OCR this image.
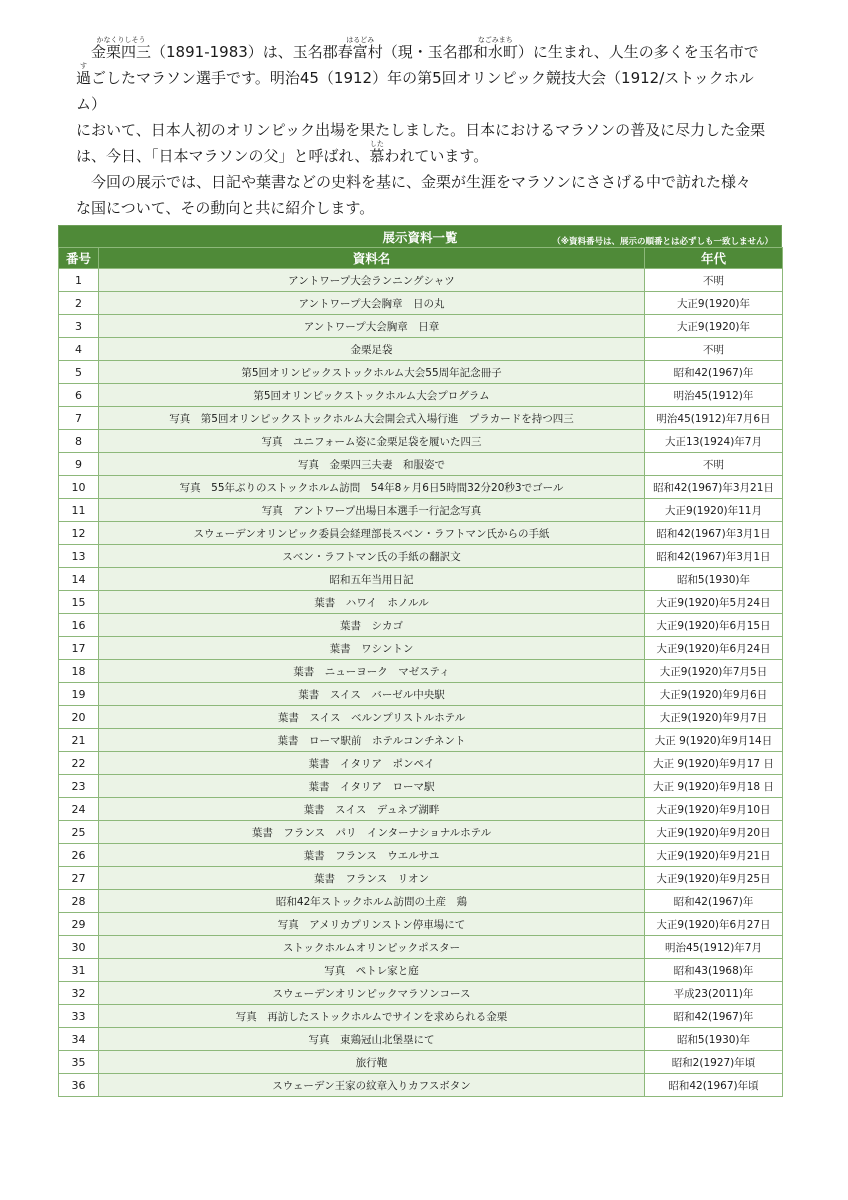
金栗四三かなくりしそう（1891-1983）は、玉名郡春富村はるどみ（現・玉名郡和水町なごみまち）に生まれ、人生の多くを玉名市で
過すごしたマラソン選手です。明治45（1912）年の第5回オリンピック競技大会（1912/ストックホルム）
において、日本人初のオリンピック出場を果たしました。日本におけるマラソンの普及に尽力した金栗
は、今日、「日本マラソンの父」と呼ばれ、慕したわれています。

今回の展示では、日記や葉書などの史料を基に、金栗が生涯をマラソンにささげる中で訪れた様々
な国について、その動向と共に紹介します。

展示資料一覧	（※資料番号は、展示の順番とは必ずしも一致しません）
番号	資料名	年代
1	アントワープ大会ランニングシャツ	不明
2	アントワープ大会胸章　日の丸	大正9(1920)年
3	アントワープ大会胸章　日章	大正9(1920)年
4	金栗足袋	不明
5	第5回オリンピックストックホルム大会55周年記念冊子	昭和42(1967)年
6	第5回オリンピックストックホルム大会プログラム	明治45(1912)年
7	写真　第5回オリンピックストックホルム大会開会式入場行進　プラカードを持つ四三	明治45(1912)年7月6日
8	写真　ユニフォーム姿に金栗足袋を履いた四三	大正13(1924)年7月
9	写真　金栗四三夫妻　和服姿で	不明
10	写真　55年ぶりのストックホルム訪問　54年8ヶ月6日5時間32分20秒3でゴール	昭和42(1967)年3月21日
11	写真　アントワープ出場日本選手一行記念写真	大正9(1920)年11月
12	スウェーデンオリンピック委員会経理部長スベン・ラフトマン氏からの手紙	昭和42(1967)年3月1日
13	スベン・ラフトマン氏の手紙の翻訳文	昭和42(1967)年3月1日
14	昭和五年当用日記	昭和5(1930)年
15	葉書　ハワイ　ホノルル	大正9(1920)年5月24日
16	葉書　シカゴ	大正9(1920)年6月15日
17	葉書　ワシントン	大正9(1920)年6月24日
18	葉書　ニューヨーク　マゼスティ	大正9(1920)年7月5日
19	葉書　スイス　バーゼル中央駅	大正9(1920)年9月6日
20	葉書　スイス　ベルンプリストルホテル	大正9(1920)年9月7日
21	葉書　ローマ駅前　ホテルコンチネント	大正 9(1920)年9月14日
22	葉書　イタリア　ポンペイ	大正 9(1920)年9月17 日
23	葉書　イタリア　ローマ駅	大正 9(1920)年9月18 日
24	葉書　スイス　デュネブ湖畔	大正9(1920)年9月10日
25	葉書　フランス　パリ　インターナショナルホテル	大正9(1920)年9月20日
26	葉書　フランス　ウエルサユ	大正9(1920)年9月21日
27	葉書　フランス　リオン	大正9(1920)年9月25日
28	昭和42年ストックホルム訪問の土産　鶏	昭和42(1967)年
29	写真　アメリカプリンストン停車場にて	大正9(1920)年6月27日
30	ストックホルムオリンピックポスター	明治45(1912)年7月
31	写真　ペトレ家と庭	昭和43(1968)年
32	スウェーデンオリンピックマラソンコース	平成23(2011)年
33	写真　再訪したストックホルムでサインを求められる金栗	昭和42(1967)年
34	写真　東鶏冠山北堡塁にて	昭和5(1930)年
35	旅行鞄	昭和2(1927)年頃
36	スウェーデン王家の紋章入りカフスボタン	昭和42(1967)年頃
